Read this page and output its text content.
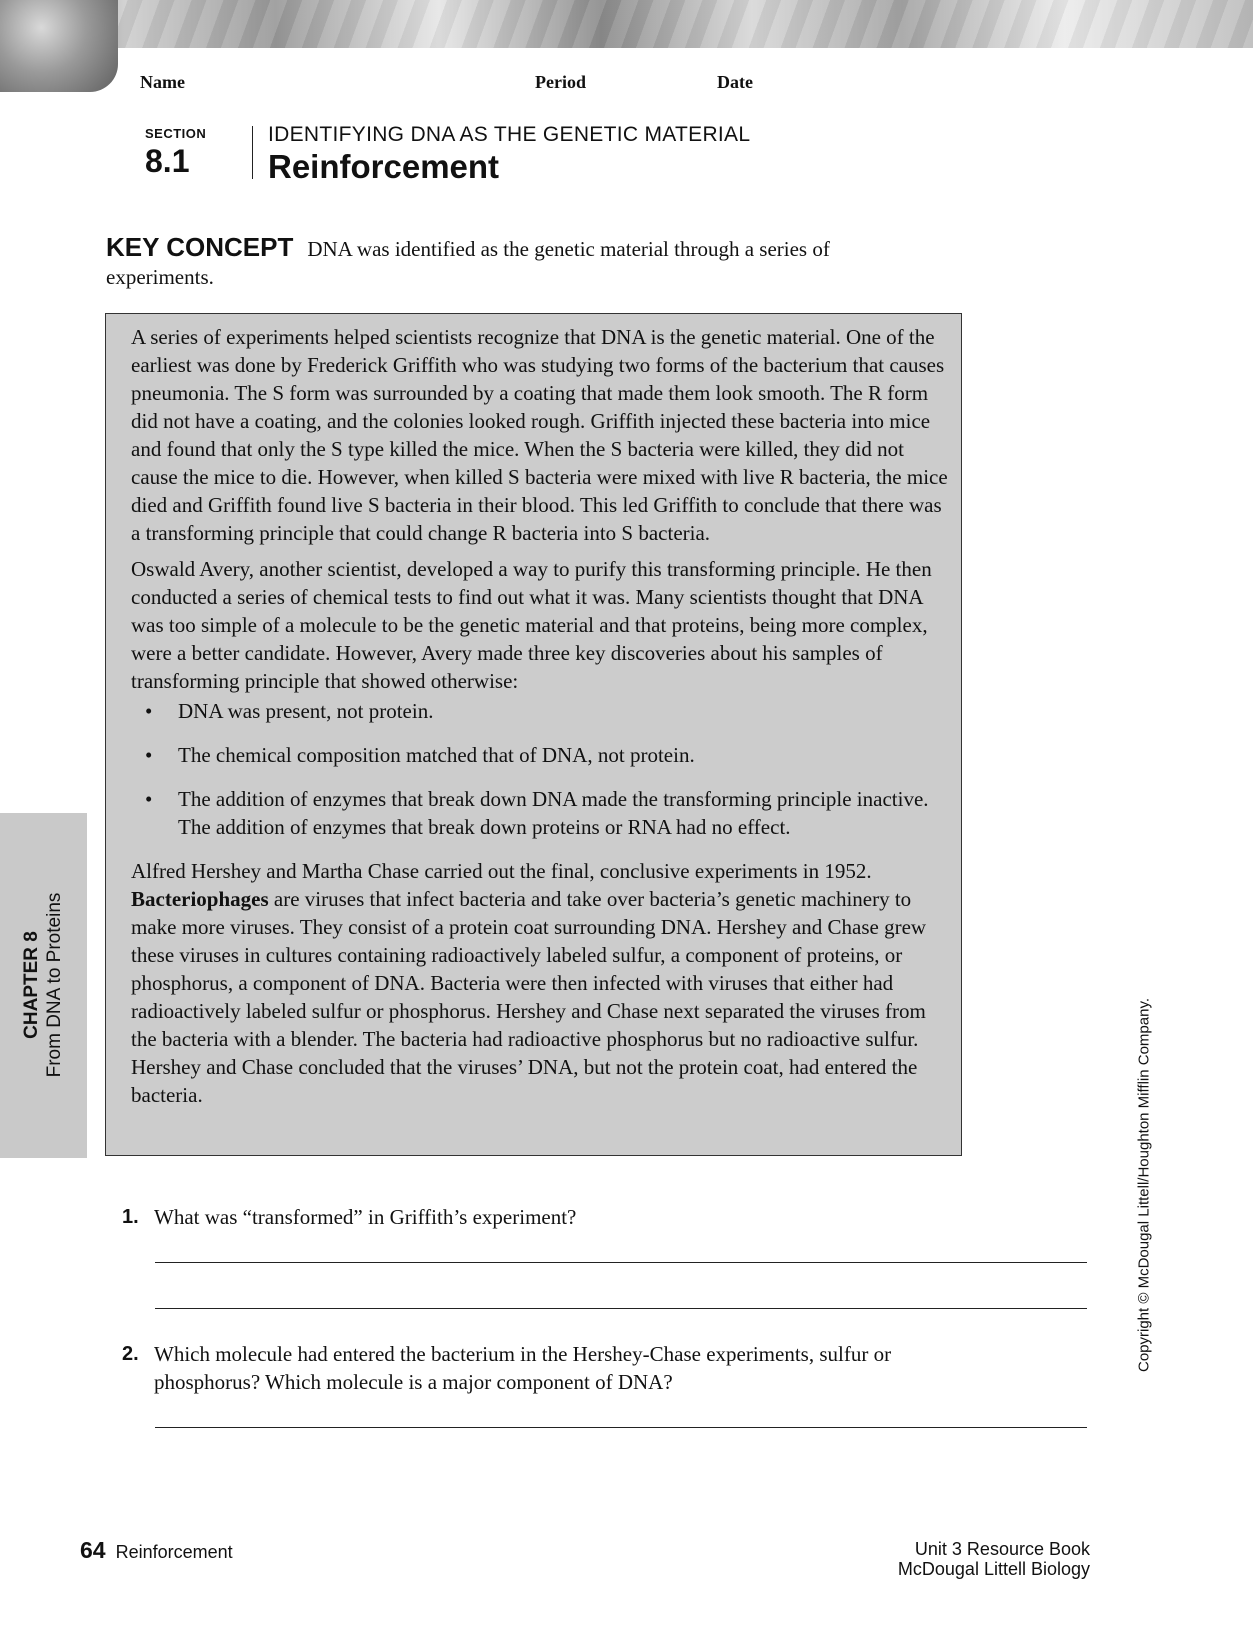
Name	Period	Date
SECTION
8.1
IDENTIFYING DNA AS THE GENETIC MATERIAL
Reinforcement
KEY CONCEPT DNA was identified as the genetic material through a series of experiments.

A series of experiments helped scientists recognize that DNA is the genetic material. One of the earliest was done by Frederick Griffith who was studying two forms of the bacterium that causes pneumonia. The S form was surrounded by a coating that made them look smooth. The R form did not have a coating, and the colonies looked rough. Griffith injected these bacteria into mice and found that only the S type killed the mice. When the S bacteria were killed, they did not cause the mice to die. However, when killed S bacteria were mixed with live R bacteria, the mice died and Griffith found live S bacteria in their blood. This led Griffith to conclude that there was a transforming principle that could change R bacteria into S bacteria.

Oswald Avery, another scientist, developed a way to purify this transforming principle. He then conducted a series of chemical tests to find out what it was. Many scientists thought that DNA was too simple of a molecule to be the genetic material and that proteins, being more complex, were a better candidate. However, Avery made three key discoveries about his samples of transforming principle that showed otherwise:

• DNA was present, not protein.
• The chemical composition matched that of DNA, not protein.
• The addition of enzymes that break down DNA made the transforming principle inactive. The addition of enzymes that break down proteins or RNA had no effect.

Alfred Hershey and Martha Chase carried out the final, conclusive experiments in 1952. Bacteriophages are viruses that infect bacteria and take over bacteria’s genetic machinery to make more viruses. They consist of a protein coat surrounding DNA. Hershey and Chase grew these viruses in cultures containing radioactively labeled sulfur, a component of proteins, or phosphorus, a component of DNA. Bacteria were then infected with viruses that either had radioactively labeled sulfur or phosphorus. Hershey and Chase next separated the viruses from the bacteria with a blender. The bacteria had radioactive phosphorus but no radioactive sulfur. Hershey and Chase concluded that the viruses’ DNA, but not the protein coat, had entered the bacteria.

CHAPTER 8 From DNA to Proteins
Copyright © McDougal Littell/Houghton Mifflin Company.
1. What was “transformed” in Griffith’s experiment?
2. Which molecule had entered the bacterium in the Hershey-Chase experiments, sulfur or phosphorus? Which molecule is a major component of DNA?
64 Reinforcement	Unit 3 Resource Book
McDougal Littell Biology
